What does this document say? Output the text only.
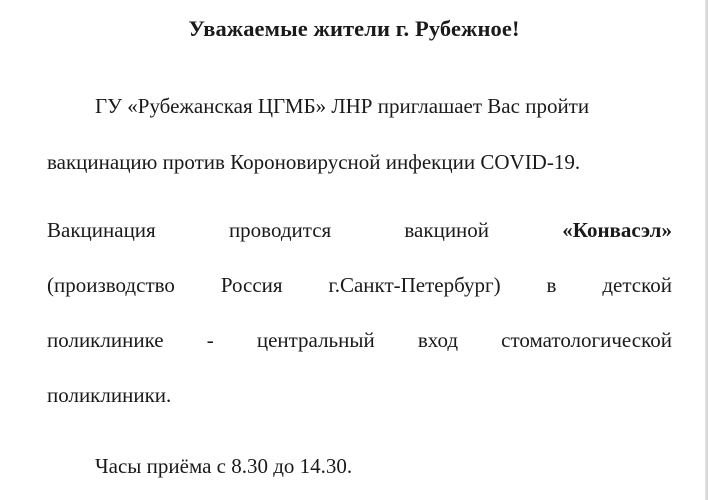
Уважаемые жители г. Рубежное!
ГУ «Рубежанская ЦГМБ» ЛНР приглашает Вас пройти
вакцинацию против Короновирусной инфекции COVID-19.
Вакцинация	проводится	вакциной	«Конвасэл»
(производство Россия г.Санкт-Петербург) в детской
поликлинике - центральный вход стоматологической
поликлиники.
Часы приёма с 8.30 до 14.30.
